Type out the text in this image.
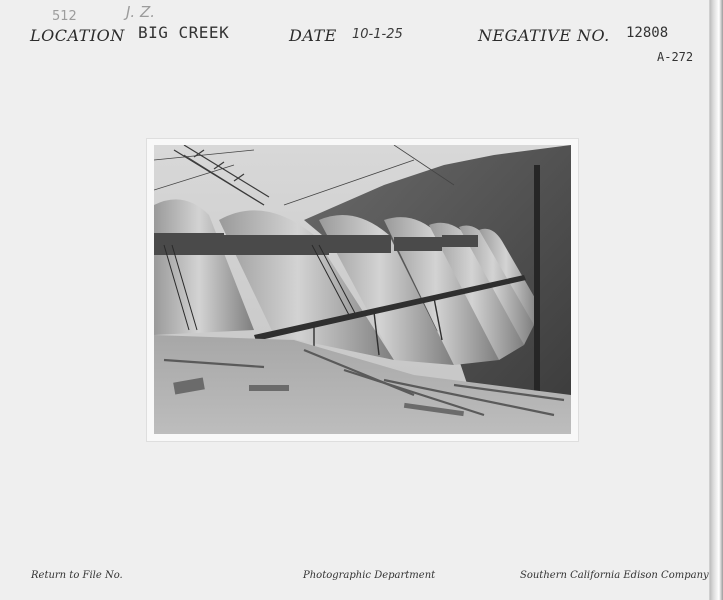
512	J. Z.
LOCATION BIG CREEK	DATE 10-1-25	NEGATIVE NO. 12808
A-272
Return to File No.	Photographic Department	Southern California Edison Company
